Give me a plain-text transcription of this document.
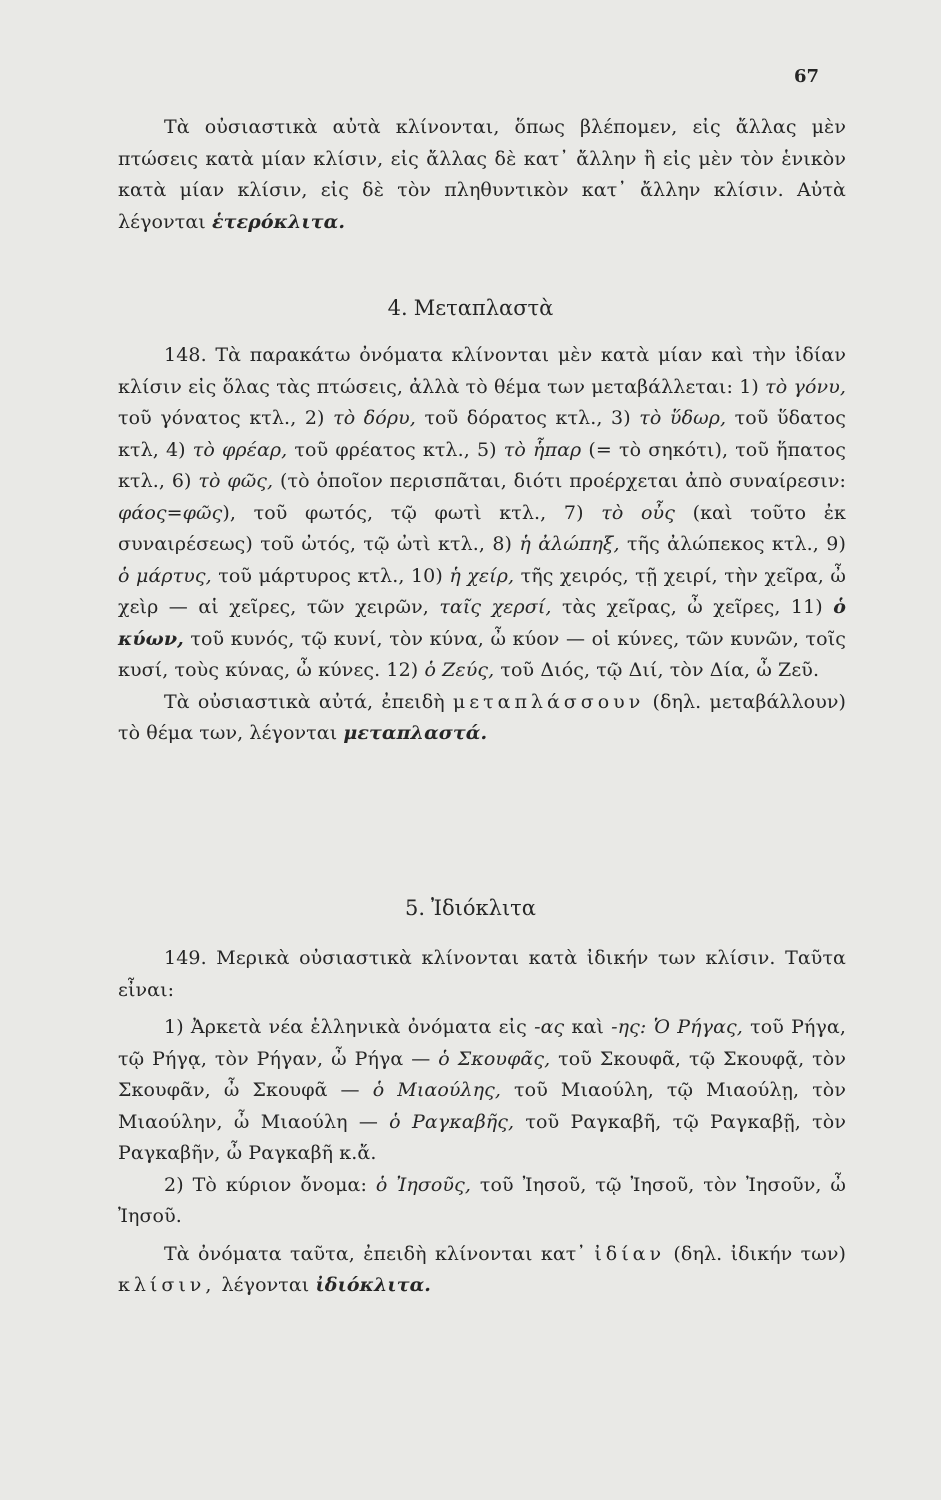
67

Τὰ οὐσιαστικὰ αὐτὰ κλίνονται, ὅπως βλέπομεν, εἰς ἄλλας μὲν πτώσεις κατὰ μίαν κλίσιν, εἰς ἄλλας δὲ κατ᾽ ἄλλην ἢ εἰς μὲν τὸν ἑνικὸν κατὰ μίαν κλίσιν, εἰς δὲ τὸν πληθυντικὸν κατ᾽ ἄλλην κλίσιν. Αὐτὰ λέγονται ἑτερόκλιτα.

4. Μεταπλαστὰ

148. Τὰ παρακάτω ὀνόματα κλίνονται μὲν κατὰ μίαν καὶ τὴν ἰδίαν κλίσιν εἰς ὅλας τὰς πτώσεις, ἀλλὰ τὸ θέμα των μεταβάλλεται: 1) τὸ γόνυ, τοῦ γόνατος κτλ., 2) τὸ δόρυ, τοῦ δόρατος κτλ., 3) τὸ ὕδωρ, τοῦ ὕδατος κτλ, 4) τὸ φρέαρ, τοῦ φρέατος κτλ., 5) τὸ ἧπαρ (= τὸ σηκότι), τοῦ ἥπατος κτλ., 6) τὸ φῶς, (τὸ ὁποῖον περισπᾶται, διότι προέρχεται ἀπὸ συναίρεσιν: φάος=φῶς), τοῦ φωτός, τῷ φωτὶ κτλ., 7) τὸ οὖς (καὶ τοῦτο ἐκ συναιρέσεως) τοῦ ὠτός, τῷ ὠτὶ κτλ., 8) ἡ ἀλώπηξ, τῆς ἀλώπεκος κτλ., 9) ὁ μάρτυς, τοῦ μάρτυρος κτλ., 10) ἡ χείρ, τῆς χειρός, τῇ χειρί, τὴν χεῖρα, ὦ χεὶρ — αἱ χεῖρες, τῶν χειρῶν, ταῖς χερσί, τὰς χεῖρας, ὦ χεῖρες, 11) ὁ κύων, τοῦ κυνός, τῷ κυνί, τὸν κύνα, ὦ κύον — οἱ κύνες, τῶν κυνῶν, τοῖς κυσί, τοὺς κύνας, ὦ κύνες. 12) ὁ Ζεύς, τοῦ Διός, τῷ Διί, τὸν Δία, ὦ Ζεῦ.

Τὰ οὐσιαστικὰ αὐτά, ἐπειδὴ μεταπλάσσουν (δηλ. μεταβάλλουν) τὸ θέμα των, λέγονται μεταπλαστά.

5. Ἰδιόκλιτα

149. Μερικὰ οὐσιαστικὰ κλίνονται κατὰ ἰδικήν των κλίσιν. Ταῦτα εἶναι:

1) Ἀρκετὰ νέα ἑλληνικὰ ὀνόματα εἰς -ας καὶ -ης: Ὁ Ρήγας, τοῦ Ρήγα, τῷ Ρήγᾳ, τὸν Ρήγαν, ὦ Ρήγα — ὁ Σκουφᾶς, τοῦ Σκουφᾶ, τῷ Σκουφᾷ, τὸν Σκουφᾶν, ὦ Σκουφᾶ — ὁ Μιαούλης, τοῦ Μιαούλη, τῷ Μιαούλῃ, τὸν Μιαούλην, ὦ Μιαούλη — ὁ Ραγκαβῆς, τοῦ Ραγκαβῆ, τῷ Ραγκαβῇ, τὸν Ραγκαβῆν, ὦ Ραγκαβῆ κ.ἄ.

2) Τὸ κύριον ὄνομα: ὁ Ἰησοῦς, τοῦ Ἰησοῦ, τῷ Ἰησοῦ, τὸν Ἰησοῦν, ὦ Ἰησοῦ.

Τὰ ὀνόματα ταῦτα, ἐπειδὴ κλίνονται κατ᾽ ἰδίαν (δηλ. ἰδικήν των) κλίσιν, λέγονται ἰδιόκλιτα.
